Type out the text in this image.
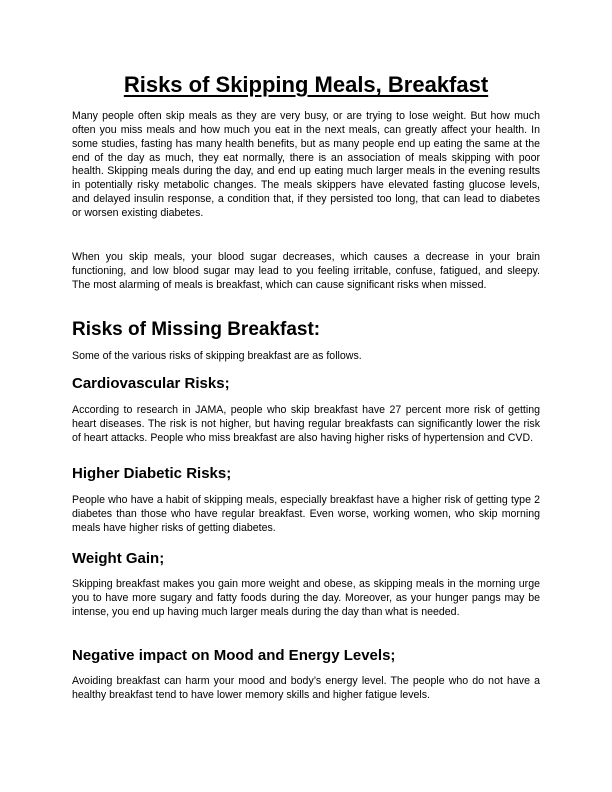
Risks of Skipping Meals, Breakfast

Many people often skip meals as they are very busy, or are trying to lose weight. But how much often you miss meals and how much you eat in the next meals, can greatly affect your health. In some studies, fasting has many health benefits, but as many people end up eating the same at the end of the day as much, they eat normally, there is an association of meals skipping with poor health. Skipping meals during the day, and end up eating much larger meals in the evening results in potentially risky metabolic changes. The meals skippers have elevated fasting glucose levels, and delayed insulin response, a condition that, if they persisted too long, that can lead to diabetes or worsen existing diabetes.

When you skip meals, your blood sugar decreases, which causes a decrease in your brain functioning, and low blood sugar may lead to you feeling irritable, confuse, fatigued, and sleepy. The most alarming of meals is breakfast, which can cause significant risks when missed.

Risks of Missing Breakfast:

Some of the various risks of skipping breakfast are as follows.

Cardiovascular Risks;

According to research in JAMA, people who skip breakfast have 27 percent more risk of getting heart diseases. The risk is not higher, but having regular breakfasts can significantly lower the risk of heart attacks. People who miss breakfast are also having higher risks of hypertension and CVD.

Higher Diabetic Risks;

People who have a habit of skipping meals, especially breakfast have a higher risk of getting type 2 diabetes than those who have regular breakfast. Even worse, working women, who skip morning meals have higher risks of getting diabetes.

Weight Gain;

Skipping breakfast makes you gain more weight and obese, as skipping meals in the morning urge you to have more sugary and fatty foods during the day. Moreover, as your hunger pangs may be intense, you end up having much larger meals during the day than what is needed.

Negative impact on Mood and Energy Levels;

Avoiding breakfast can harm your mood and body’s energy level. The people who do not have a healthy breakfast tend to have lower memory skills and higher fatigue levels.
